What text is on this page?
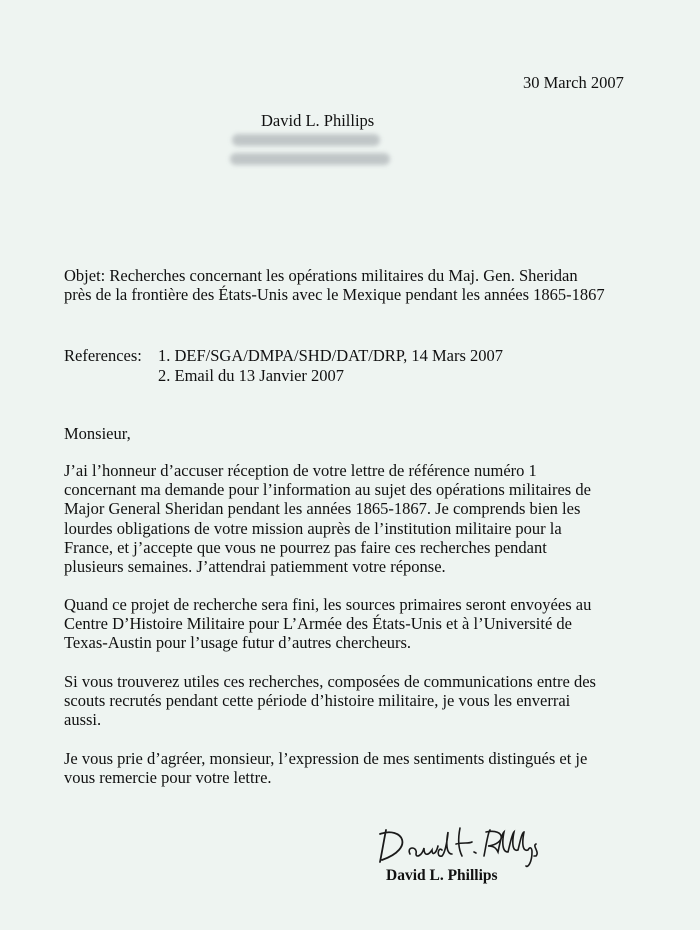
30 March 2007
David L. Phillips
Objet: Recherches concernant les opérations militaires du Maj. Gen. Sheridan
près de la frontière des États-Unis avec le Mexique pendant les années 1865-1867
References: 1. DEF/SGA/DMPA/SHD/DAT/DRP, 14 Mars 2007
2. Email du 13 Janvier 2007
Monsieur,
J’ai l’honneur d’accuser réception de votre lettre de référence numéro 1
concernant ma demande pour l’information au sujet des opérations militaires de
Major General Sheridan pendant les années 1865-1867. Je comprends bien les
lourdes obligations de votre mission auprès de l’institution militaire pour la
France, et j’accepte que vous ne pourrez pas faire ces recherches pendant
plusieurs semaines. J’attendrai patiemment votre réponse.
Quand ce projet de recherche sera fini, les sources primaires seront envoyées au
Centre D’Histoire Militaire pour L’Armée des États-Unis et à l’Université de
Texas-Austin pour l’usage futur d’autres chercheurs.
Si vous trouverez utiles ces recherches, composées de communications entre des
scouts recrutés pendant cette période d’histoire militaire, je vous les enverrai
aussi.
Je vous prie d’agréer, monsieur, l’expression de mes sentiments distingués et je
vous remercie pour votre lettre.
David L. Phillips
